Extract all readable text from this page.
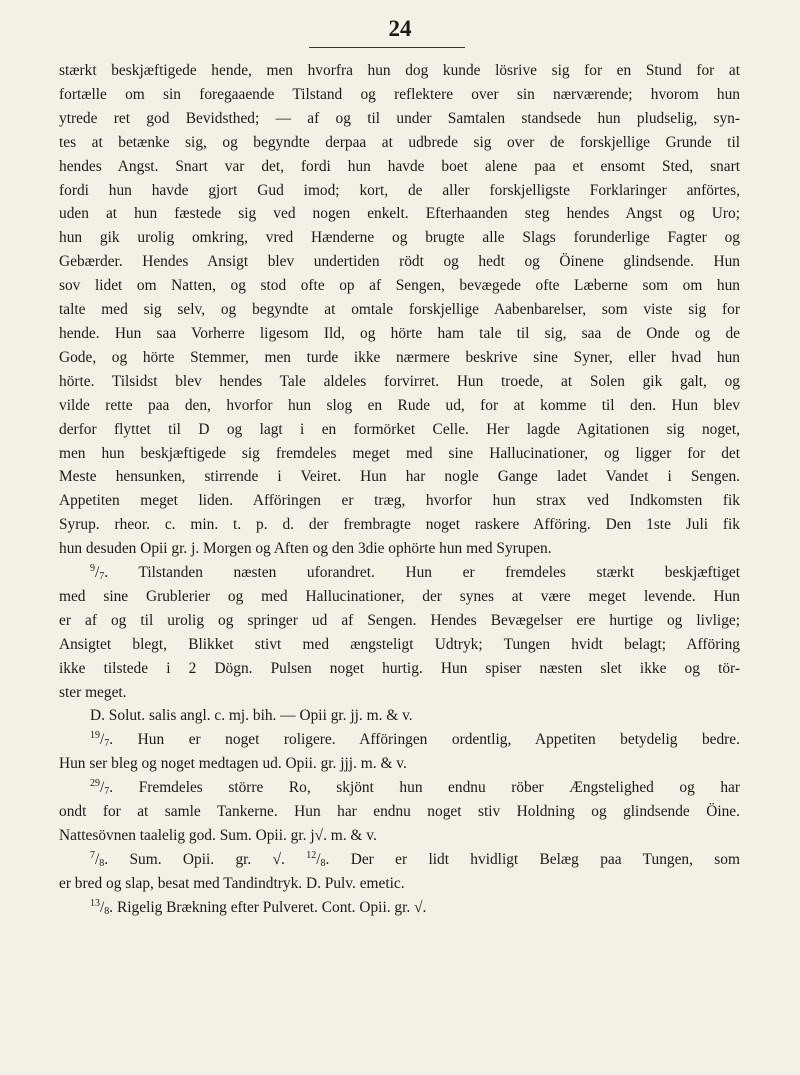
24
stærkt beskjæftigede hende, men hvorfra hun dog kunde lösrive sig for en Stund for at
fortælle om sin foregaaende Tilstand og reflektere over sin nærværende; hvorom hun
ytrede ret god Bevidsthed; — af og til under Samtalen standsede hun pludselig, syn-
tes at betænke sig, og begyndte derpaa at udbrede sig over de forskjellige Grunde til
hendes Angst. Snart var det, fordi hun havde boet alene paa et ensomt Sted, snart
fordi hun havde gjort Gud imod; kort, de aller forskjelligste Forklaringer anförtes,
uden at hun fæstede sig ved nogen enkelt. Efterhaanden steg hendes Angst og Uro;
hun gik urolig omkring, vred Hænderne og brugte alle Slags forunderlige Fagter og
Gebærder. Hendes Ansigt blev undertiden rödt og hedt og Öinene glindsende. Hun
sov lidet om Natten, og stod ofte op af Sengen, bevægede ofte Læberne som om hun
talte med sig selv, og begyndte at omtale forskjellige Aabenbarelser, som viste sig for
hende. Hun saa Vorherre ligesom Ild, og hörte ham tale til sig, saa de Onde og de
Gode, og hörte Stemmer, men turde ikke nærmere beskrive sine Syner, eller hvad hun
hörte. Tilsidst blev hendes Tale aldeles forvirret. Hun troede, at Solen gik galt, og
vilde rette paa den, hvorfor hun slog en Rude ud, for at komme til den. Hun blev
derfor flyttet til D og lagt i en formörket Celle. Her lagde Agitationen sig noget,
men hun beskjæftigede sig fremdeles meget med sine Hallucinationer, og ligger for det
Meste hensunken, stirrende i Veiret. Hun har nogle Gange ladet Vandet i Sengen.
Appetiten meget liden. Afföringen er træg, hvorfor hun strax ved Indkomsten fik
Syrup. rheor. c. min. t. p. d. der frembragte noget raskere Afföring. Den 1ste Juli fik
hun desuden Opii gr. j. Morgen og Aften og den 3die ophörte hun med Syrupen.
$^9/_7$. Tilstanden næsten uforandret. Hun er fremdeles stærkt beskjæftiget
med sine Grublerier og med Hallucinationer, der synes at være meget levende. Hun
er af og til urolig og springer ud af Sengen. Hendes Bevægelser ere hurtige og livlige;
Ansigtet blegt, Blikket stivt med ængsteligt Udtryk; Tungen hvidt belagt; Afföring
ikke tilstede i 2 Dögn. Pulsen noget hurtig. Hun spiser næsten slet ikke og tör-
ster meget.
D. Solut. salis angl. c. mj. bih. — Opii gr. jj. m. & v.
$^{19}/_7$. Hun er noget roligere. Afföringen ordentlig, Appetiten betydelig bedre.
Hun ser bleg og noget medtagen ud. Opii. gr. jjj. m. & v.
$^{29}/_7$. Fremdeles större Ro, skjönt hun endnu röber Ængstelighed og har
ondt for at samle Tankerne. Hun har endnu noget stiv Holdning og glindsende Öine.
Nattesövnen taalelig god. Sum. Opii. gr. j√. m. & v.
$^7/_8$. Sum. Opii. gr. √. $^{12}/_8$. Der er lidt hvidligt Belæg paa Tungen, som
er bred og slap, besat med Tandindtryk. D. Pulv. emetic.
$^{13}/_8$. Rigelig Brækning efter Pulveret. Cont. Opii. gr. √.
